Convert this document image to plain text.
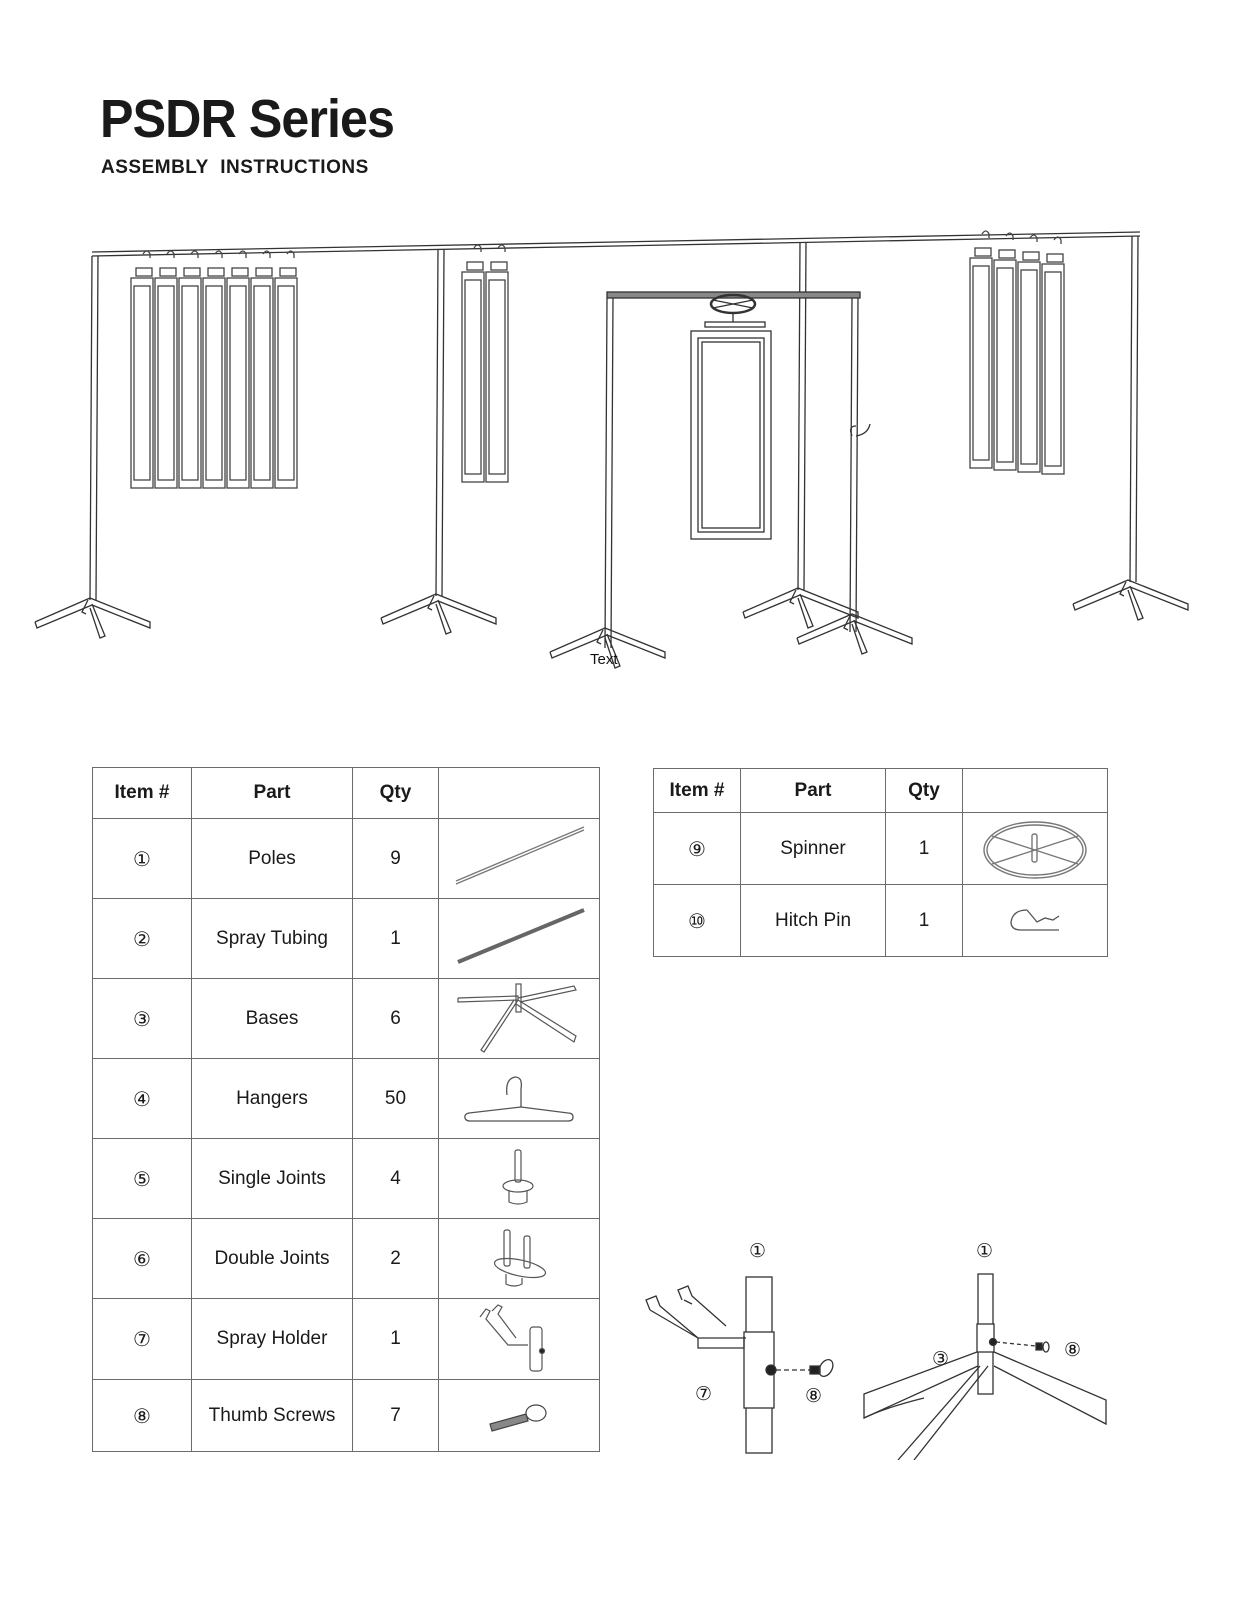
PSDR Series
ASSEMBLY INSTRUCTIONS
Text
Item #	Part	Qty	
①	Poles	9	

②	Spray Tubing	1	

③	Bases	6	

④	Hangers	50	

⑤	Single Joints	4	

⑥	Double Joints	2	

⑦	Spray Holder	1	

⑧	Thumb Screws	7	
Item #	Part	Qty	
⑨	Spinner	1	

⑩	Hitch Pin	1	
①
⑦	⑧
①
③	⑧
